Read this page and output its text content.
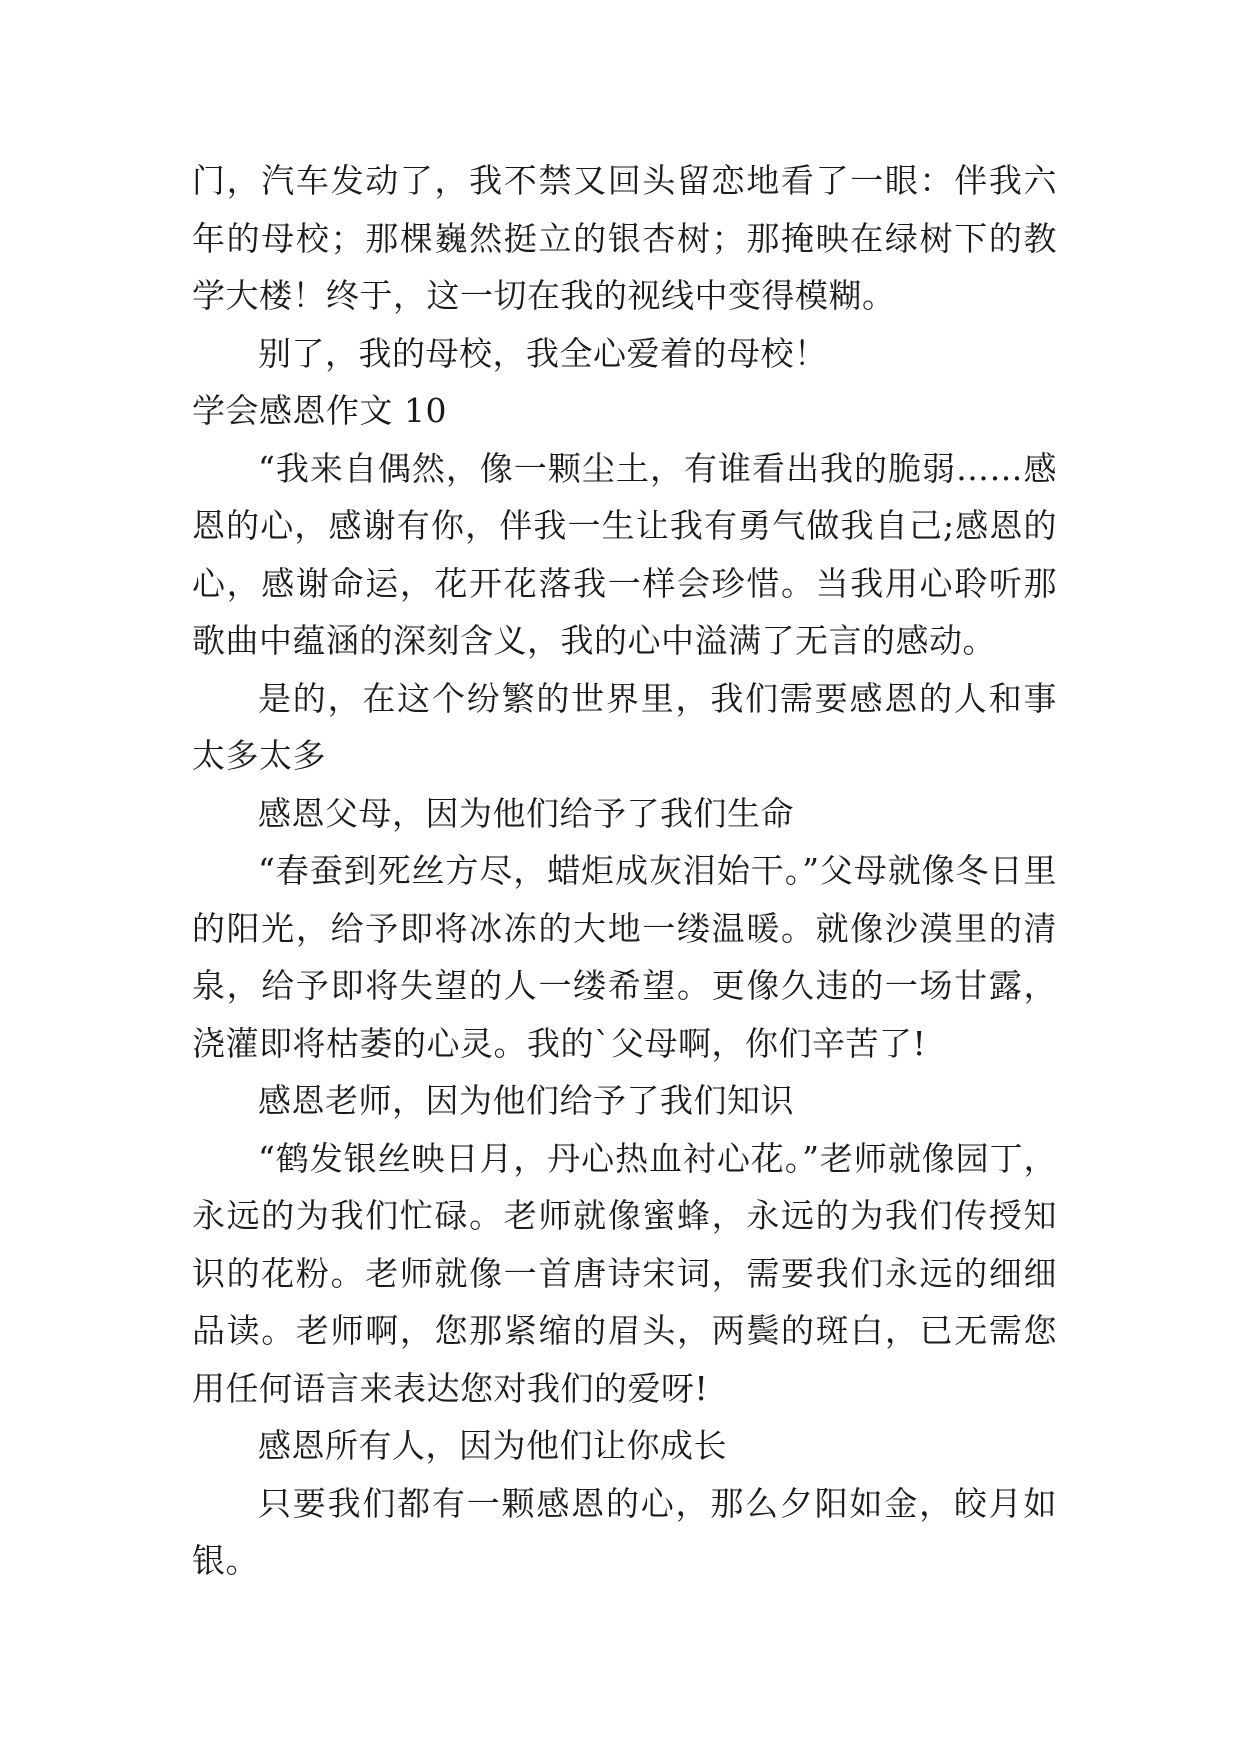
门，汽车发动了，我不禁又回头留恋地看了一眼：伴我六年的母校；那棵巍然挺立的银杏树；那掩映在绿树下的教学大楼！终于，这一切在我的视线中变得模糊。

别了，我的母校，我全心爱着的母校！

学会感恩作文 10

“我来自偶然，像一颗尘土，有谁看出我的脆弱……感恩的心，感谢有你，伴我一生让我有勇气做我自己;感恩的心，感谢命运，花开花落我一样会珍惜。当我用心聆听那歌曲中蕴涵的深刻含义，我的心中溢满了无言的感动。

是的，在这个纷繁的世界里，我们需要感恩的人和事太多太多

感恩父母，因为他们给予了我们生命

“春蚕到死丝方尽，蜡炬成灰泪始干。”父母就像冬日里的阳光，给予即将冰冻的大地一缕温暖。就像沙漠里的清泉，给予即将失望的人一缕希望。更像久违的一场甘露，浇灌即将枯萎的心灵。我的`父母啊，你们辛苦了!

感恩老师，因为他们给予了我们知识

“鹤发银丝映日月，丹心热血衬心花。”老师就像园丁，永远的为我们忙碌。老师就像蜜蜂，永远的为我们传授知识的花粉。老师就像一首唐诗宋词，需要我们永远的细细品读。老师啊，您那紧缩的眉头，两鬓的斑白，已无需您用任何语言来表达您对我们的爱呀!

感恩所有人，因为他们让你成长

只要我们都有一颗感恩的心，那么夕阳如金，皎月如银。
